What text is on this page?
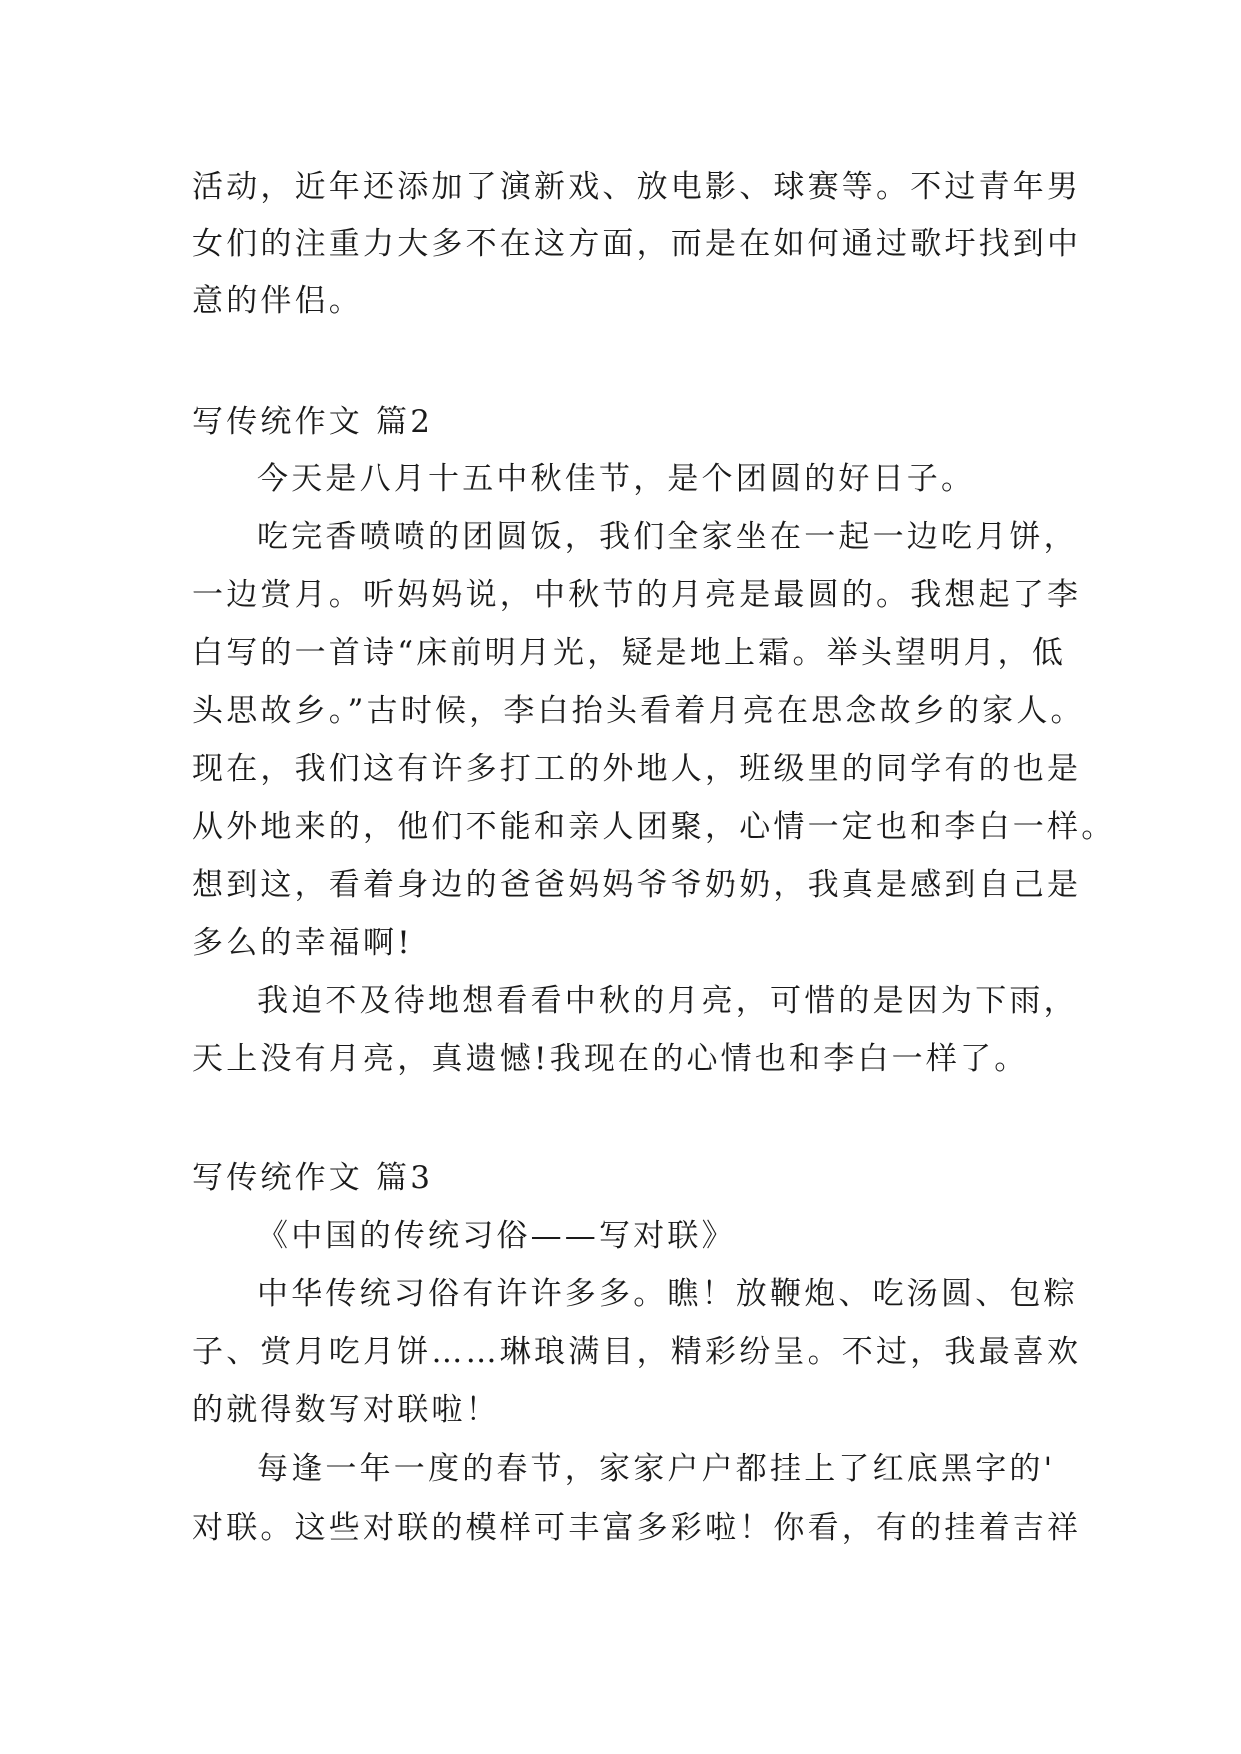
活动，近年还添加了演新戏、放电影、球赛等。不过青年男
女们的注重力大多不在这方面，而是在如何通过歌圩找到中
意的伴侣。
写传统作文 篇2
今天是八月十五中秋佳节，是个团圆的好日子。
吃完香喷喷的团圆饭，我们全家坐在一起一边吃月饼，
一边赏月。听妈妈说，中秋节的月亮是最圆的。我想起了李
白写的一首诗“床前明月光，疑是地上霜。举头望明月，低
头思故乡。”古时候，李白抬头看着月亮在思念故乡的家人。
现在，我们这有许多打工的外地人，班级里的同学有的也是
从外地来的，他们不能和亲人团聚，心情一定也和李白一样。
想到这，看着身边的爸爸妈妈爷爷奶奶，我真是感到自己是
多么的幸福啊!
我迫不及待地想看看中秋的月亮，可惜的是因为下雨，
天上没有月亮，真遗憾!我现在的心情也和李白一样了。
写传统作文 篇3
《中国的传统习俗——写对联》
中华传统习俗有许许多多。瞧！放鞭炮、吃汤圆、包粽
子、赏月吃月饼……琳琅满目，精彩纷呈。不过，我最喜欢
的就得数写对联啦！
每逢一年一度的春节，家家户户都挂上了红底黑字的'
对联。这些对联的模样可丰富多彩啦！你看，有的挂着吉祥
